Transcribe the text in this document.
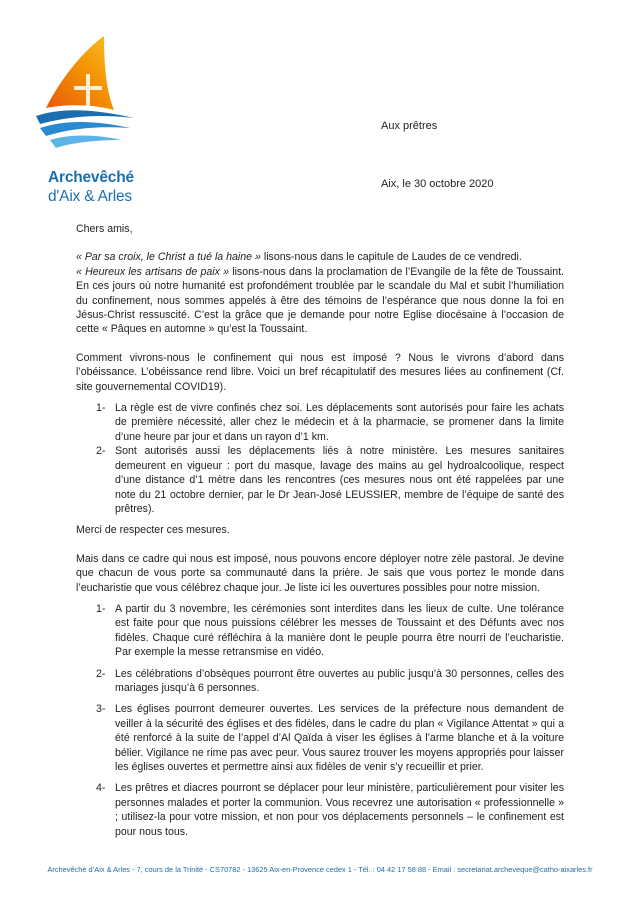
Archevêché
d'Aix & Arles
Aux prêtres
Aix, le 30 octobre 2020

Chers amis,

« Par sa croix, le Christ a tué la haine » lisons-nous dans le capitule de Laudes de ce vendredi.
« Heureux les artisans de paix » lisons-nous dans la proclamation de l’Evangile de la fête de Toussaint. En ces jours où notre humanité est profondément troublée par le scandale du Mal et subit l’humiliation du confinement, nous sommes appelés à être des témoins de l’espérance que nous donne la foi en Jésus-Christ ressuscité. C’est la grâce que je demande pour notre Eglise diocésaine à l’occasion de cette « Pâques en automne » qu’est la Toussaint.

Comment vivrons-nous le confinement qui nous est imposé ? Nous le vivrons d’abord dans l’obéissance. L’obéissance rend libre. Voici un bref récapitulatif des mesures liées au confinement (Cf. site gouvernemental COVID19).

1- La règle est de vivre confinés chez soi. Les déplacements sont autorisés pour faire les achats de première nécessité, aller chez le médecin et à la pharmacie, se promener dans la limite d’une heure par jour et dans un rayon d’1 km.
2- Sont autorisés aussi les déplacements liés à notre ministère. Les mesures sanitaires demeurent en vigueur : port du masque, lavage des mains au gel hydroalcoolique, respect d’une distance d’1 mètre dans les rencontres (ces mesures nous ont été rappelées par une note du 21 octobre dernier, par le Dr Jean-José LEUSSIER, membre de l’équipe de santé des prêtres).

Merci de respecter ces mesures.

Mais dans ce cadre qui nous est imposé, nous pouvons encore déployer notre zèle pastoral. Je devine que chacun de vous porte sa communauté dans la prière. Je sais que vous portez le monde dans l’eucharistie que vous célébrez chaque jour. Je liste ici les ouvertures possibles pour notre mission.

1- A partir du 3 novembre, les cérémonies sont interdites dans les lieux de culte. Une tolérance est faite pour que nous puissions célébrer les messes de Toussaint et des Défunts avec nos fidèles. Chaque curé réfléchira à la manière dont le peuple pourra être nourri de l’eucharistie. Par exemple la messe retransmise en vidéo.
2- Les célébrations d’obsèques pourront être ouvertes au public jusqu’à 30 personnes, celles des mariages jusqu’à 6 personnes.
3- Les églises pourront demeurer ouvertes. Les services de la préfecture nous demandent de veiller à la sécurité des églises et des fidèles, dans le cadre du plan « Vigilance Attentat » qui a été renforcé à la suite de l’appel d’Al Qaïda à viser les églises à l’arme blanche et à la voiture bélier. Vigilance ne rime pas avec peur. Vous saurez trouver les moyens appropriés pour laisser les églises ouvertes et permettre ainsi aux fidèles de venir s’y recueillir et prier.
4- Les prêtres et diacres pourront se déplacer pour leur ministère, particulièrement pour visiter les personnes malades et porter la communion. Vous recevrez une autorisation « professionnelle » ; utilisez-la pour votre mission, et non pour vos déplacements personnels – le confinement est pour nous tous.
Archevêché d’Aix & Arles - 7, cours de la Trinité - CS70782 - 13625 Aix-en-Provence cedex 1 - Tél. : 04 42 17 58 88 - Email : secretariat.archeveque@catho-aixarles.fr
